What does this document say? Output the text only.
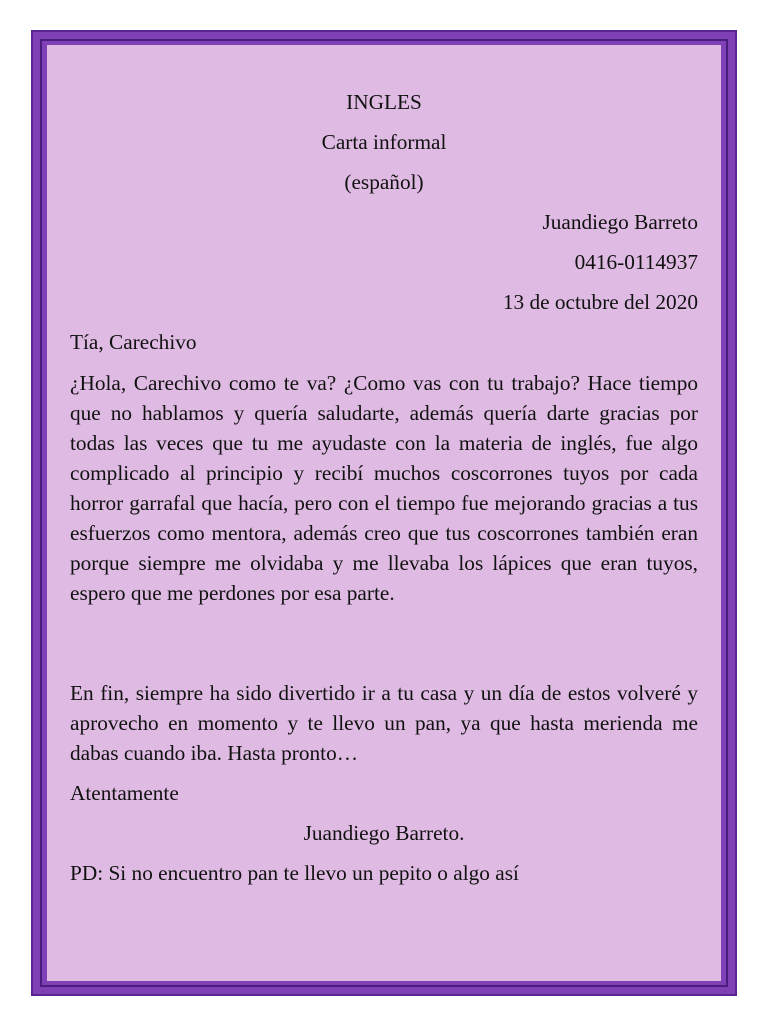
INGLES

Carta informal

(español)

Juandiego Barreto

0416-0114937

13 de octubre del 2020

Tía, Carechivo

¿Hola, Carechivo como te va? ¿Como vas con tu trabajo? Hace tiempo que no hablamos y quería saludarte, además quería darte gracias por todas las veces que tu me ayudaste con la materia de inglés, fue algo complicado al principio y recibí muchos coscorrones tuyos por cada horror garrafal que hacía, pero con el tiempo fue mejorando gracias a tus esfuerzos como mentora, además creo que tus coscorrones también eran porque siempre me olvidaba y me llevaba los lápices que eran tuyos, espero que me perdones por esa parte.

En fin, siempre ha sido divertido ir a tu casa y un día de estos volveré y aprovecho en momento y te llevo un pan, ya que hasta merienda me dabas cuando iba. Hasta pronto…

Atentamente

Juandiego Barreto.

PD: Si no encuentro pan te llevo un pepito o algo así
